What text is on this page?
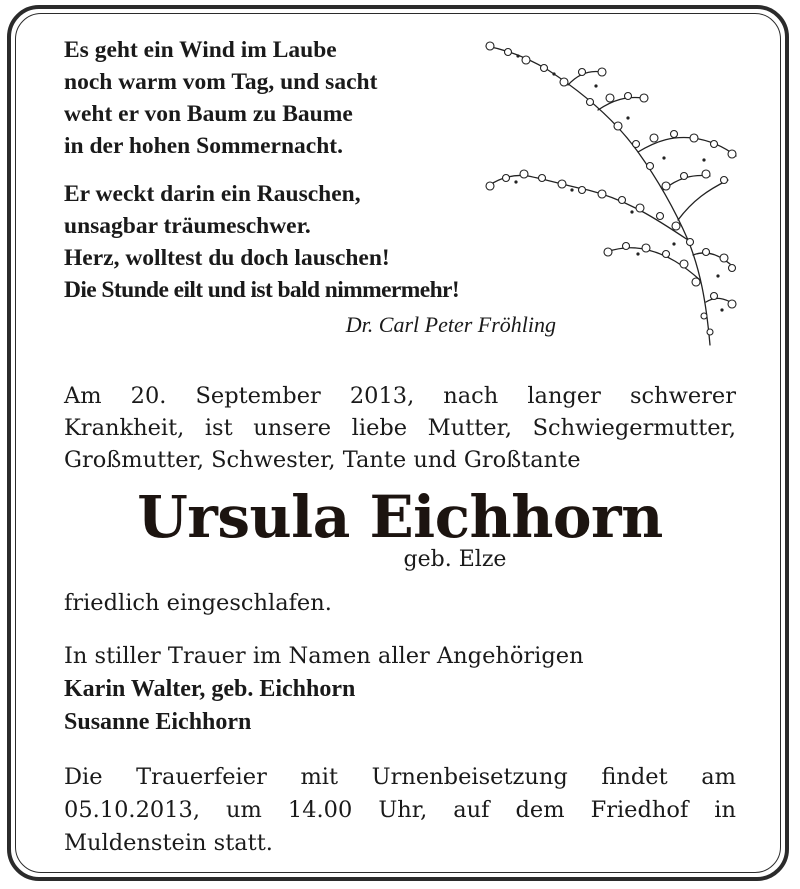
Es geht ein Wind im Laube
noch warm vom Tag, und sacht
weht er von Baum zu Baume
in der hohen Sommernacht.

Er weckt darin ein Rauschen,
unsagbar träumeschwer.
Herz, wolltest du doch lauschen!
Die Stunde eilt und ist bald nimmermehr!

Dr. Carl Peter Fröhling
Am 20. September 2013, nach langer schwerer
Krankheit, ist unsere liebe Mutter, Schwiegermutter,
Großmutter, Schwester, Tante und Großtante
Ursula Eichhorn
geb. Elze
friedlich eingeschlafen.
In stiller Trauer im Namen aller Angehörigen
Karin Walter, geb. Eichhorn
Susanne Eichhorn
Die Trauerfeier mit Urnenbeisetzung findet am
05.10.2013, um 14.00 Uhr, auf dem Friedhof in
Muldenstein statt.
